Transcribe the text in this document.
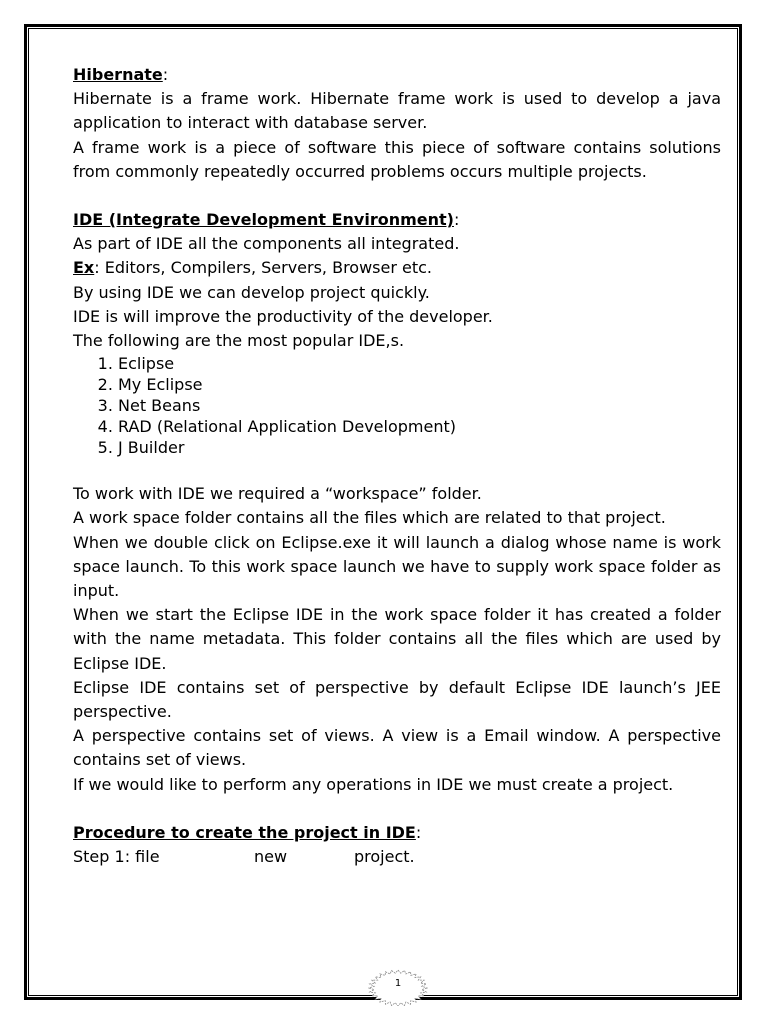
Hibernate:

Hibernate is a frame work. Hibernate frame work is used to develop a java application to interact with database server.

A frame work is a piece of software this piece of software contains solutions from commonly repeatedly occurred problems occurs multiple projects.

IDE (Integrate Development Environment):

As part of IDE all the components all integrated.

Ex: Editors, Compilers, Servers, Browser etc.

By using IDE we can develop project quickly.

IDE is will improve the productivity of the developer.

The following are the most popular IDE,s.

1. Eclipse
2. My Eclipse
3. Net Beans
4. RAD (Relational Application Development)
5. J Builder

To work with IDE we required a “workspace” folder.

A work space folder contains all the files which are related to that project.

When we double click on Eclipse.exe it will launch a dialog whose name is work space launch. To this work space launch we have to supply work space folder as input.

When we start the Eclipse IDE in the work space folder it has created a folder with the name metadata. This folder contains all the files which are used by Eclipse IDE.

Eclipse IDE contains set of perspective by default Eclipse IDE launch’s JEE perspective.

A perspective contains set of views. A view is a Email window. A perspective contains set of views.

If we would like to perform any operations in IDE we must create a project.

Procedure to create the project in IDE:

Step 1: file	new	project.

1
